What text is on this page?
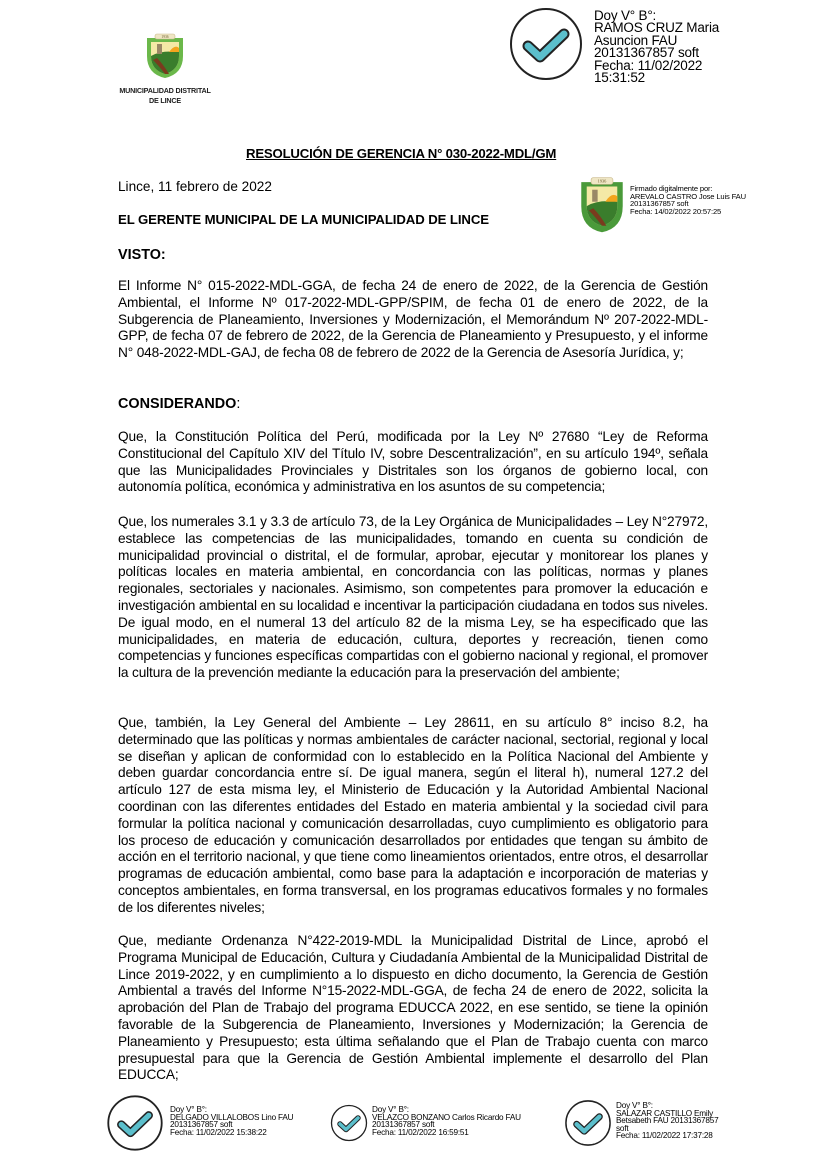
1936
MUNICIPALIDAD DISTRITAL
DE LINCE
Doy V° B°:
RAMOS CRUZ Maria
Asuncion FAU
20131367857 soft
Fecha: 11/02/2022
15:31:52
RESOLUCIÓN DE GERENCIA N° 030-2022-MDL/GM
Lince, 11 febrero de 2022	1936
Firmado digitalmente por:
AREVALO CASTRO Jose Luis FAU
20131367857 soft
Fecha: 14/02/2022 20:57:25
EL GERENTE MUNICIPAL DE LA MUNICIPALIDAD DE LINCE
VISTO:
El Informe N° 015-2022-MDL-GGA, de fecha 24 de enero de 2022, de la Gerencia de Gestión Ambiental, el Informe Nº 017-2022-MDL-GPP/SPIM, de fecha 01 de enero de 2022, de la Subgerencia de Planeamiento, Inversiones y Modernización, el Memorándum Nº 207-2022-MDL-GPP, de fecha 07 de febrero de 2022, de la Gerencia de Planeamiento y Presupuesto, y el informe N° 048-2022-MDL-GAJ, de fecha 08 de febrero de 2022 de la Gerencia de Asesoría Jurídica, y;
CONSIDERANDO:
Que, la Constitución Política del Perú, modificada por la Ley Nº 27680 “Ley de Reforma Constitucional del Capítulo XIV del Título IV, sobre Descentralización”, en su artículo 194º, señala que las Municipalidades Provinciales y Distritales son los órganos de gobierno local, con autonomía política, económica y administrativa en los asuntos de su competencia;
Que, los numerales 3.1 y 3.3 de artículo 73, de la Ley Orgánica de Municipalidades – Ley N°27972, establece las competencias de las municipalidades, tomando en cuenta su condición de municipalidad provincial o distrital, el de formular, aprobar, ejecutar y monitorear los planes y políticas locales en materia ambiental, en concordancia con las políticas, normas y planes regionales, sectoriales y nacionales. Asimismo, son competentes para promover la educación e investigación ambiental en su localidad e incentivar la participación ciudadana en todos sus niveles. De igual modo, en el numeral 13 del artículo 82 de la misma Ley, se ha especificado que las municipalidades, en materia de educación, cultura, deportes y recreación, tienen como competencias y funciones específicas compartidas con el gobierno nacional y regional, el promover la cultura de la prevención mediante la educación para la preservación del ambiente;
Que, también, la Ley General del Ambiente – Ley 28611, en su artículo 8° inciso 8.2, ha determinado que las políticas y normas ambientales de carácter nacional, sectorial, regional y local se diseñan y aplican de conformidad con lo establecido en la Política Nacional del Ambiente y deben guardar concordancia entre sí. De igual manera, según el literal h), numeral 127.2 del artículo 127 de esta misma ley, el Ministerio de Educación y la Autoridad Ambiental Nacional coordinan con las diferentes entidades del Estado en materia ambiental y la sociedad civil para formular la política nacional y comunicación desarrolladas, cuyo cumplimiento es obligatorio para los proceso de educación y comunicación desarrollados por entidades que tengan su ámbito de acción en el territorio nacional, y que tiene como lineamientos orientados, entre otros, el desarrollar programas de educación ambiental, como base para la adaptación e incorporación de materias y conceptos ambientales, en forma transversal, en los programas educativos formales y no formales de los diferentes niveles;
Que, mediante Ordenanza N°422-2019-MDL la Municipalidad Distrital de Lince, aprobó el Programa Municipal de Educación, Cultura y Ciudadanía Ambiental de la Municipalidad Distrital de Lince 2019-2022, y en cumplimiento a lo dispuesto en dicho documento, la Gerencia de Gestión Ambiental a través del Informe N°15-2022-MDL-GGA, de fecha 24 de enero de 2022, solicita la aprobación del Plan de Trabajo del programa EDUCCA 2022, en ese sentido, se tiene la opinión favorable de la Subgerencia de Planeamiento, Inversiones y Modernización; la Gerencia de Planeamiento y Presupuesto; esta última señalando que el Plan de Trabajo cuenta con marco presupuestal para que la Gerencia de Gestión Ambiental implemente el desarrollo del Plan EDUCCA;
Doy V° B°:
DELGADO VILLALOBOS Lino FAU
20131367857 soft
Fecha: 11/02/2022 15:38:22
Doy V° B°:
VELAZCO BONZANO Carlos Ricardo FAU
20131367857 soft
Fecha: 11/02/2022 16:59:51
Doy V° B°:
SALAZAR CASTILLO Emily
Betsabeth FAU 20131367857
soft
Fecha: 11/02/2022 17:37:28
